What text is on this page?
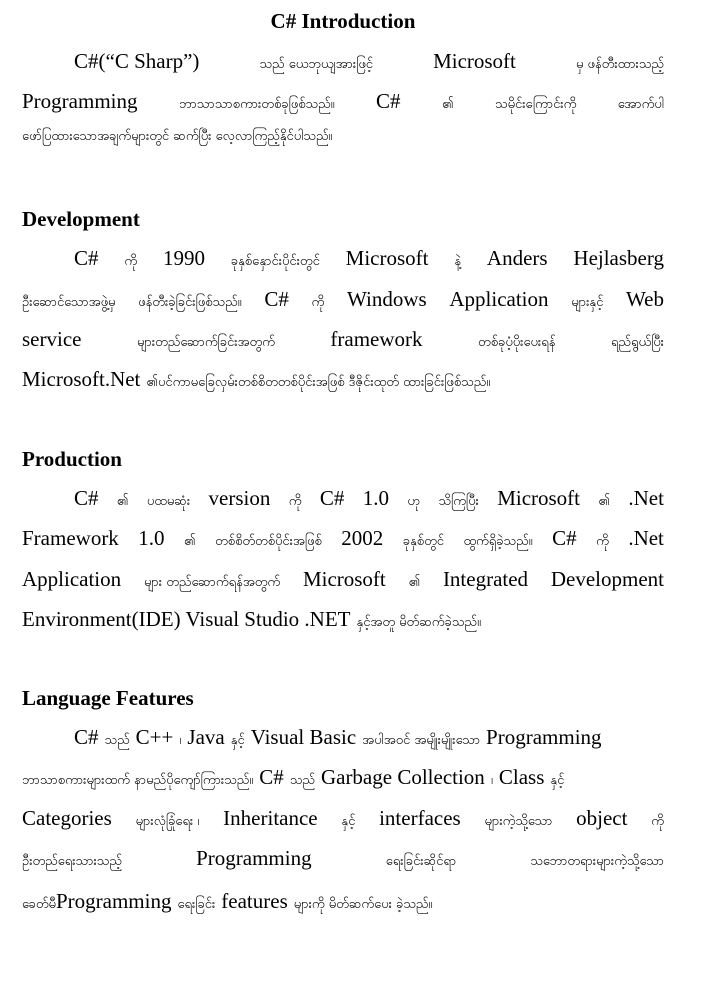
C# Introduction
C#(“C Sharp”)	သည် ယေဘုယျအားဖြင့်	Microsoft	မှ ဖန်တီးထားသည့်
Programming	ဘာသာသာစကားတစ်ခုဖြစ်သည်။ C#	၏	သမိုင်းကြောင်းကို	အောက်ပါ
ဖော်ပြထားသောအချက်များတွင် ဆက်ပြီး လေ့လာကြည့်နိုင်ပါသည်။
Development
C# ကို 1990 ခုနှစ်နှောင်းပိုင်းတွင် Microsoft နဲ့ Anders Hejlasberg
ဦးဆောင်သောအဖွဲ့မှ ဖန်တီးခဲ့ခြင်းဖြစ်သည်။ C# ကို Windows Application များနှင့် Web
service	များတည်ဆောက်ခြင်းအတွက်	framework	တစ်ခုပံ့ပိုးပေးရန်	ရည်ရွယ်ပြီး
Microsoft.Net ၏ပင်ကာမခြေလှမ်းတစ်စိတတစ်ပိုင်းအဖြစ် ဒီဇိုင်းထုတ် ထားခြင်းဖြစ်သည်။
Production
C# ၏ ပထမဆုံး version ကို C# 1.0 ဟု သိကြပြီး Microsoft ၏ .Net
Framework 1.0 ၏ တစ်စိတ်တစ်ပိုင်းအဖြစ် 2002 ခုနှစ်တွင် ထွက်ရှိခဲ့သည်။ C# ကို .Net
Application များ တည်ဆောက်ရန်အတွက် Microsoft ၏ Integrated Development
Environment(IDE) Visual Studio .NET နှင့်အတူ မိတ်ဆက်ခဲ့သည်။
Language Features
C# သည် C++ ၊ Java နှင့် Visual Basic အပါအဝင် အမျိုးမျိုးသော Programming
ဘာသာစကားများထက် နာမည်ပိုကျော်ကြားသည်။ C# သည် Garbage Collection ၊ Class နှင့်
Categories များလုံခြုံရေး ၊ Inheritance နှင့် interfaces များကဲ့သို့သော object ကို
ဦးတည်ရေးသားသည့်	Programming	ရေးခြင်းဆိုင်ရာ	သဘောတရားများကဲ့သို့သော
ခေတ်မီ Programming ရေးခြင်း features များကို မိတ်ဆက်ပေး ခဲ့သည်။
